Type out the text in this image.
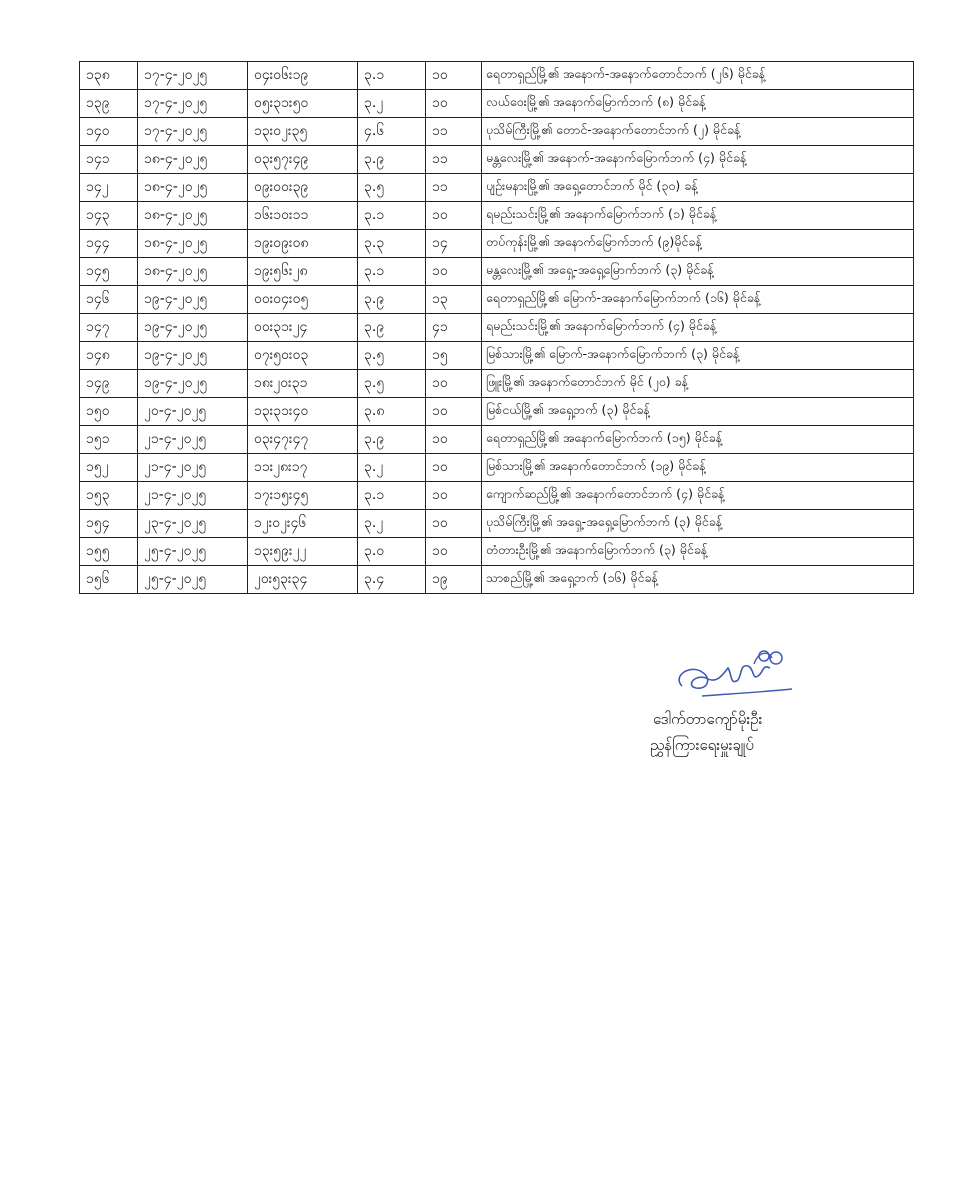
၁၃၈	၁၇-၄-၂၀၂၅	၀၄း၀၆း၁၉	၃.၁	၁၀	ရေတာရှည်မြို့၏ အနောက်-အနောက်တောင်ဘက် (၂၆) မိုင်ခန့်
၁၃၉	၁၇-၄-၂၀၂၅	၀၅း၃၁း၅၀	၃.၂	၁၀	လယ်ဝေးမြို့၏ အနောက်မြောက်ဘက် (၈) မိုင်ခန့်
၁၄၀	၁၇-၄-၂၀၂၅	၁၃း၀၂း၃၅	၄.၆	၁၁	ပုသိမ်ကြီးမြို့၏ တောင်-အနောက်တောင်ဘက် (၂) မိုင်ခန့်
၁၄၁	၁၈-၄-၂၀၂၅	၀၃း၅၇း၄၉	၃.၉	၁၁	မန္တလေးမြို့၏ အနောက်-အနောက်မြောက်ဘက် (၄) မိုင်ခန့်
၁၄၂	၁၈-၄-၂၀၂၅	၀၉း၀၀း၃၉	၃.၅	၁၁	ပျဉ်းမနားမြို့၏ အရှေ့တောင်ဘက် မိုင် (၃၀) ခန့်
၁၄၃	၁၈-၄-၂၀၂၅	၁၆း၁၀း၁၁	၃.၁	၁၀	ရမည်းသင်းမြို့၏ အနောက်မြောက်ဘက် (၁) မိုင်ခန့်
၁၄၄	၁၈-၄-၂၀၂၅	၁၉း၀၉း၀၈	၃.၃	၁၄	တပ်ကုန်းမြို့၏ အနောက်မြောက်ဘက် (၉)မိုင်ခန့်
၁၄၅	၁၈-၄-၂၀၂၅	၁၉း၅၆း၂၈	၃.၁	၁၀	မန္တလေးမြို့၏ အရှေ့-အရှေ့မြောက်ဘက် (၃) မိုင်ခန့်
၁၄၆	၁၉-၄-၂၀၂၅	၀၀း၀၄း၀၅	၃.၉	၁၃	ရေတာရှည်မြို့၏ မြောက်-အနောက်မြောက်ဘက် (၁၆) မိုင်ခန့်
၁၄၇	၁၉-၄-၂၀၂၅	၀၀း၃၁း၂၄	၃.၉	၄၁	ရမည်းသင်းမြို့၏ အနောက်မြောက်ဘက် (၄) မိုင်ခန့်
၁၄၈	၁၉-၄-၂၀၂၅	၀၇း၅၀း၀၃	၃.၅	၁၅	မြစ်သားမြို့၏ မြောက်-အနောက်မြောက်ဘက် (၃) မိုင်ခန့်
၁၄၉	၁၉-၄-၂၀၂၅	၁၈း၂၀း၃၁	၃.၅	၁၀	ဖြူးမြို့၏ အနောက်တောင်ဘက် မိုင် (၂၀) ခန့်
၁၅၀	၂၀-၄-၂၀၂၅	၁၃း၃၁း၄၀	၃.၈	၁၀	မြစ်ငယ်မြို့၏ အရှေ့ဘက် (၃) မိုင်ခန့်
၁၅၁	၂၁-၄-၂၀၂၅	၀၃း၄၇း၄၇	၃.၉	၁၀	ရေတာရှည်မြို့၏ အနောက်မြောက်ဘက် (၁၅) မိုင်ခန့်
၁၅၂	၂၁-၄-၂၀၂၅	၁၁း၂၈း၁၇	၃.၂	၁၀	မြစ်သားမြို့၏ အနောက်တောင်ဘက် (၁၉) မိုင်ခန့်
၁၅၃	၂၁-၄-၂၀၂၅	၁၇း၁၅း၄၅	၃.၁	၁၀	ကျောက်ဆည်မြို့၏ အနောက်တောင်ဘက် (၄) မိုင်ခန့်
၁၅၄	၂၃-၄-၂၀၂၅	၁၂း၀၂း၄၆	၃.၂	၁၀	ပုသိမ်ကြီးမြို့၏ အရှေ့-အရှေ့မြောက်ဘက် (၃) မိုင်ခန့်
၁၅၅	၂၅-၄-၂၀၂၅	၁၃း၅၉း၂၂	၃.၀	၁၀	တံတားဦးမြို့၏ အနောက်မြောက်ဘက် (၃) မိုင်ခန့်
၁၅၆	၂၅-၄-၂၀၂၅	၂၀း၅၃း၃၄	၃.၄	၁၉	သာစည်မြို့၏ အရှေ့ဘက် (၁၆) မိုင်ခန့်
ဒေါက်တာကျော်မိုးဦး
ညွှန်ကြားရေးမှူးချုပ်
